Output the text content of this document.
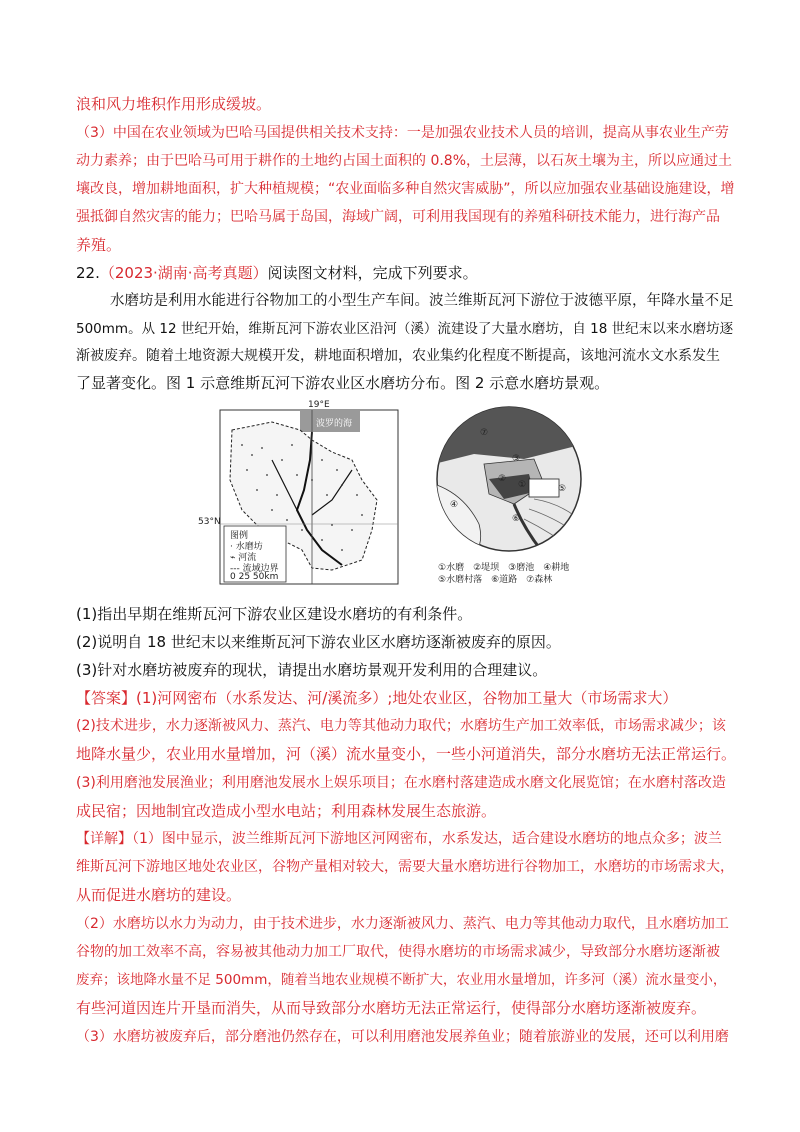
浪和风力堆积作用形成缓坡。
（3）中国在农业领域为巴哈马国提供相关技术支持：一是加强农业技术人员的培训，提高从事农业生产劳
动力素养；由于巴哈马可用于耕作的土地约占国土面积的 0.8%，土层薄，以石灰土壤为主，所以应通过土
壤改良，增加耕地面积，扩大种植规模；“农业面临多种自然灾害威胁”，所以应加强农业基础设施建设，增
强抵御自然灾害的能力；巴哈马属于岛国，海域广阔，可利用我国现有的养殖科研技术能力，进行海产品
养殖。
22.（2023·湖南·高考真题）阅读图文材料，完成下列要求。
水磨坊是利用水能进行谷物加工的小型生产车间。波兰维斯瓦河下游位于波德平原，年降水量不足
500mm。从 12 世纪开始，维斯瓦河下游农业区沿河（溪）流建设了大量水磨坊，自 18 世纪末以来水磨坊逐
渐被废弃。随着土地资源大规模开发，耕地面积增加，农业集约化程度不断提高，该地河流水文水系发生
了显著变化。图 1 示意维斯瓦河下游农业区水磨坊分布。图 2 示意水磨坊景观。
19°E
波罗的海
53°N
图例
· 水磨坊
⌁ 河流
--- 流域边界
0 25 50km
⑦
③
②
①	⑤
④
⑥
①水磨　②堤坝　③磨池　④耕地
⑤水磨村落　⑥道路　⑦森林
(1)指出早期在维斯瓦河下游农业区建设水磨坊的有利条件。
(2)说明自 18 世纪末以来维斯瓦河下游农业区水磨坊逐渐被废弃的原因。
(3)针对水磨坊被废弃的现状，请提出水磨坊景观开发利用的合理建议。
【答案】(1)河网密布（水系发达、河/溪流多）;地处农业区，谷物加工量大（市场需求大）
(2)技术进步，水力逐渐被风力、蒸汽、电力等其他动力取代；水磨坊生产加工效率低，市场需求减少；该
地降水量少，农业用水量增加，河（溪）流水量变小，一些小河道消失，部分水磨坊无法正常运行。
(3)利用磨池发展渔业；利用磨池发展水上娱乐项目；在水磨村落建造成水磨文化展览馆；在水磨村落改造
成民宿；因地制宜改造成小型水电站；利用森林发展生态旅游。
【详解】（1）图中显示，波兰维斯瓦河下游地区河网密布，水系发达，适合建设水磨坊的地点众多；波兰
维斯瓦河下游地区地处农业区，谷物产量相对较大，需要大量水磨坊进行谷物加工，水磨坊的市场需求大，
从而促进水磨坊的建设。
（2）水磨坊以水力为动力，由于技术进步，水力逐渐被风力、蒸汽、电力等其他动力取代，且水磨坊加工
谷物的加工效率不高，容易被其他动力加工厂取代，使得水磨坊的市场需求减少，导致部分水磨坊逐渐被
废弃；该地降水量不足 500mm，随着当地农业规模不断扩大，农业用水量增加，许多河（溪）流水量变小，
有些河道因连片开垦而消失，从而导致部分水磨坊无法正常运行，使得部分水磨坊逐渐被废弃。
（3）水磨坊被废弃后，部分磨池仍然存在，可以利用磨池发展养鱼业；随着旅游业的发展，还可以利用磨
